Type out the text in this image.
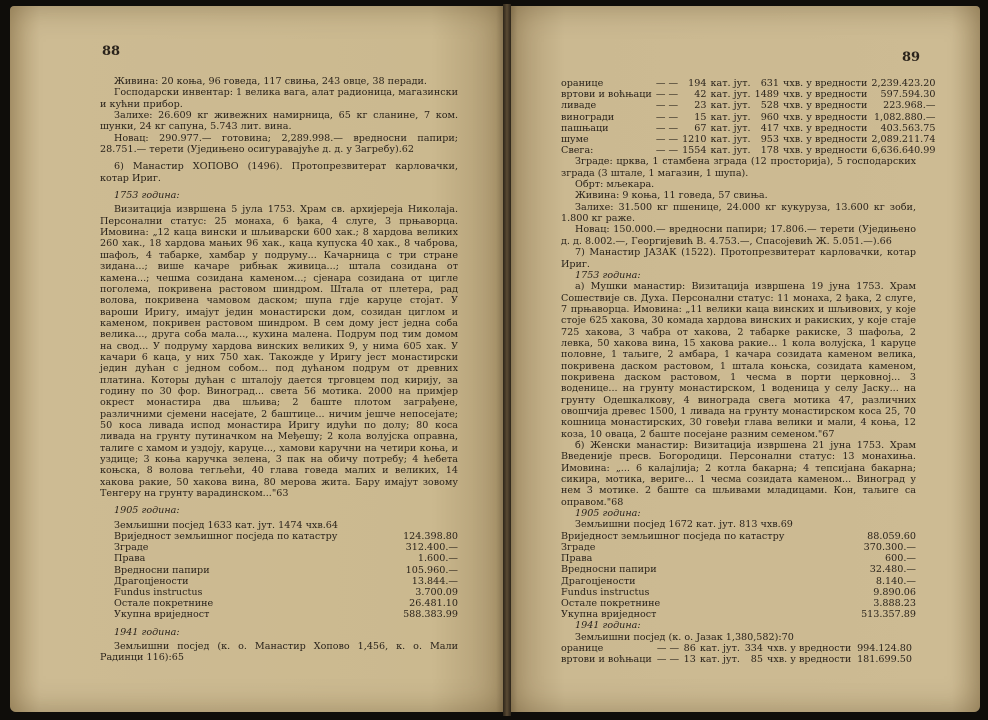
88

Живина: 20 коња, 96 говеда, 117 свиња, 243 овце, 38 перади.

Господарски инвентар: 1 велика вага, алат радионица, магазински и кућни прибор.

Залихе: 26.609 кг живежних намирница, 65 кг сланине, 7 ком. шунки, 24 кг сапуна, 5.743 лит. вина.

Новац: 290.977.— готовина; 2,289.998.— вредносни папири; 28.751.— терети (Уједињено осигуравајуће д. д. у Загребу).62

6) Манастир ХОПОВО (1496). Протопрезвитерат карловачки, котар Ириг.

1753 година:

Визитација извршена 5 јула 1753. Храм св. архијереја Николаја. Персонални статус: 25 монаха, 6 ђака, 4 слуге, 3 прњаворца. Имовина: „12 каца вински и шљиварски 600 хак.; 8 хардова великих 260 хак., 18 хардова мањих 96 хак., каца купуска 40 хак., 8 чаброва, шафољ, 4 табарке, хамбар у подруму... Качарница с три стране зидана...; више качаре рибњак живица...; штала созидана от камена...; чешма созидана каменом...; сјенара созидана от циглe поголема, покривена растовом шиндром. Штала от плетера, рад волова, покривена чамовом даском; шупа гдје каруце стојат. У вароши Иригу, имајут једин монастирски дом, созидан циглом и каменом, покривен растовом шиндром. В сем дому јест једна соба велика..., друга соба мала..., кухина малена. Подрум под тим домом на свод... У подруму хардова винских великих 9, у нима 605 хак. У качари 6 каца, у них 750 хак. Такожде у Иригу јест монастирски једин дућан с једном собом... под дућаном подрум от древних платина. Которы дућан с шталоју дается трговцем под кирију, за годину по 30 фор. Виноград... света 56 мотика. 2000 на примјер окрест монастира два шљива; 2 баште плотом заграђене, различними сјемени насејате, 2 баштице... ничим јешче непосејате; 50 коса ливада испод монастира Иригу идући по долу; 80 коса ливада на грунту путиначком на Међешу; 2 кола волујска оправна, талиге с хамом и уздоју, каруце..., хамови каручни на четири коња, и уздице; 3 коња каручка зелена, 3 пак на обичу потребу; 4 ћебета коњска, 8 волова тегљећи, 40 глава говеда малих и великих, 14 хакова ракие, 50 хакова вина, 80 мерова жита. Бару имајут зовому Тенгеру на грунту варадинском..."63

1905 година:

Земљишни посјед 1633 кат. јут. 1474 чхв.64

Вриједност земљишног посједа по катастру	124.398.80
Зграде	312.400.—
Права	1.600.—
Вредносни папири	105.960.—
Драгоцјености	13.844.—
Fundus instructus	3.700.09
Остале покретнине	26.481.10
Укупна вриједност	588.383.99

1941 година:

Земљишни посјед (к. о. Манастир Хопово 1,456, к. о. Мали Радинци 116):65

89
оранице	— —	194	кат. јут.	631	чхв. у вредности	2,239.423.20
вртови и воћњаци	— —	42	кат. јут.	1489	чхв. у вредности	597.594.30
ливаде	— —	23	кат. јут.	528	чхв. у вредности	223.968.—
виногради	— —	15	кат. јут.	960	чхв. у вредности	1,082.880.—
пашњаци	— —	67	кат. јут.	417	чхв. у вредности	403.563.75
шуме	— —	1210	кат. јут.	953	чхв. у вредности	2,089.211.74
Свега:	— —	1554	кат. јут.	178	чхв. у вредности	6,636.640.99

Зграде: црква, 1 стамбена зграда (12 просторија), 5 господарских зграда (3 штале, 1 магазин, 1 шупа).

Обрт: мљекара.

Живина: 9 коња, 11 говеда, 57 свиња.

Залихе: 31.500 кг пшенице, 24.000 кг кукуруза, 13.600 кг зоби, 1.800 кг раже.

Новац: 150.000.— вредносни папири; 17.806.— терети (Уједињено д. д. 8.002.—, Георгијевић В. 4.753.—, Спасојевић Ж. 5.051.—).66

7) Манастир ЈАЗАК (1522). Протопрезвитерат карловачки, котар Ириг.

1753 година:

а) Мушки манастир: Визитација извршена 19 јуна 1753. Храм Сошествије св. Духа. Персонални статус: 11 монаха, 2 ђака, 2 слуге, 7 прњаворца. Имовина: „11 велики каца винских и шљивових, у које стоје 625 хакова, 30 комада хардова винских и ракиских, у које стаје 725 хакова, 3 чабра от хакова, 2 табарке ракиске, 3 шафоља, 2 левка, 50 хакова вина, 15 хакова ракие... 1 кола волујска, 1 каруце половне, 1 таљиге, 2 амбара, 1 качара созидата каменом велика, покривена даском растовом, 1 штала коњска, созидата каменом, покривена даском растовом, 1 чесма в порти церковној... 3 воденице... на грунту монастирском, 1 воденица у селу Јаску... на грунту Одешкалкову, 4 винограда свега мотика 47, различних овошчија древес 1500, 1 ливада на грунту монастирском коса 25, 70 кошница монастирских, 30 говеђи глава велики и мали, 4 коња, 12 коза, 10 оваца, 2 баште посејане разним семеном."67

б) Женски манастир: Визитација извршена 21 јуна 1753. Храм Введеније пресв. Богородици. Персонални статус: 13 монахиња. Имовина: „... 6 калајлија; 2 котла бакарна; 4 тепсијана бакарна; сикира, мотика, вериге... 1 чесма созидата каменом... Виноград у нем 3 мотике. 2 баште са шљивами младицами. Кон, таљиге са оправом."68

1905 година:

Земљишни посјед 1672 кат. јут. 813 чхв.69

Вриједност земљишног посједа по катастру	88.059.60
Зграде	370.300.—
Права	600.—
Вредносни папири	32.480.—
Драгоцјености	8.140.—
Fundus instructus	9.890.06
Остале покретнине	3.888.23
Укупна вриједност	513.357.89

1941 година:

Земљишни посјед (к. о. Јазак 1,380,582):70

оранице	— —	86	кат. јут.	334	чхв. у вредности	994.124.80
вртови и воћњаци	— —	13	кат. јут.	85	чхв. у вредности	181.699.50
